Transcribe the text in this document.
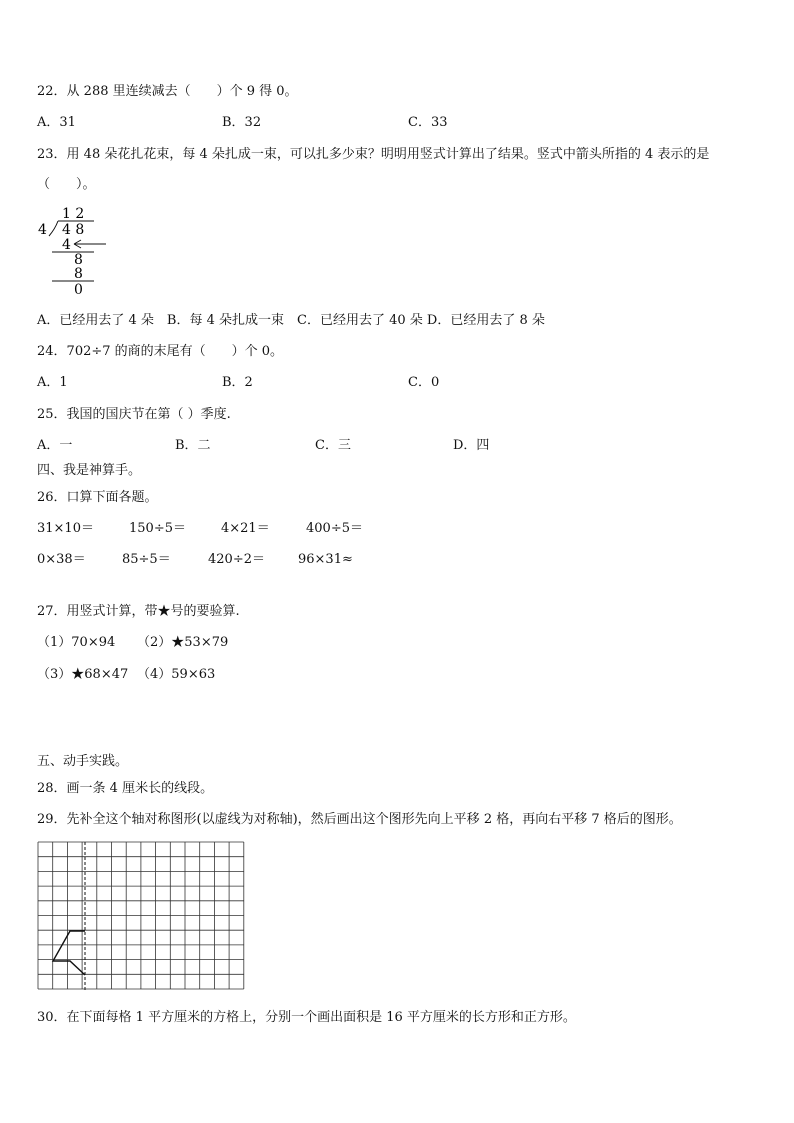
22．从 288 里连续减去（　　）个 9 得 0。
A．31	B．32	C．33
23．用 48 朵花扎花束，每 4 朵扎成一束，可以扎多少束？明明用竖式计算出了结果。竖式中箭头所指的 4 表示的是
（　　）。
1 2
4 4 8
4
8
8
0
A．已经用去了 4 朵　B．每 4 朵扎成一束　C．已经用去了 40 朵 D．已经用去了 8 朵
24．702÷7 的商的末尾有（　　）个 0。
A．1	B．2	C．0
25．我国的国庆节在第（ ）季度.
A．一	B．二	C．三	D．四
四、我是神算手。
26．口算下面各题。
31×10＝	150÷5＝	4×21＝	400÷5＝
0×38＝	85÷5＝	420÷2＝	96×31≈
27．用竖式计算，带★号的要验算.
（1）70×94 （2）★53×79
（3）★68×47 （4）59×63
五、动手实践。
28．画一条 4 厘米长的线段。
29．先补全这个轴对称图形(以虚线为对称轴)，然后画出这个图形先向上平移 2 格，再向右平移 7 格后的图形。
30．在下面每格 1 平方厘米的方格上，分别一个画出面积是 16 平方厘米的长方形和正方形。
